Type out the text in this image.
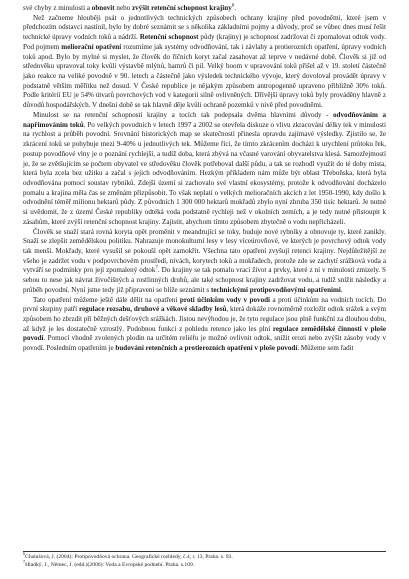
své chyby z minulosti a obnovit nebo zvýšit retenční schopnost krajiny$^6$.

Než začneme hlouběji psát o jednotlivých technických způsobech ochrany krajiny před povodněmi, které jsem v předchozím odstavci nastínil, bylo by dobré seznámit se s několika základními pojmy a důvody, proč se vůbec dnes musí řešit technické úpravy vodních toků a nádrží. Retenční schopnost půdy (krajiny) je schopnost zadržovat či zpomalovat odtok vody. Pod pojmem meliorační opatření rozumíme jak systémy odvodňování, tak i závlahy a protierozních opatření, úpravy vodních toků apod. Bylo by mylné si myslet, že člověk do říčních koryt začal zasahovat až teprve v nedávné době. Člověk si již od středověku upravoval toky kvůli výstavbě mlýnů, hamrů či pil. Velký boom v upravování toků přišel až v 19. století částečně jako reakce na veliké povodně v 90. letech a částečně jako výsledek technického vývoje, který dovoloval provádět úpravy v podstatně větším měřítku než dosud. V České republice je nějakým způsobem antropogenně upraveno přibližně 30% toků. Podle kritérií EU je 54% útvarů povrchových vod v kategorii silně ovlivněných. Dřívější úpravy toků byly prováděny hlavně z důvodů hospodářských. V dnešní době se tak hlavně děje kvůli ochraně pozemků v nivě před povodněmi.

Minulost se na retenční schopnosti krajiny a tocích tak podepsala dvěma hlavními důvody - odvodňováním a napřimováním toků. Po velkých povodních v letech 1997 a 2002 se otevřela diskuze o vlivu zkracování délky tek v minulosti na rychlost a průběh povodní. Srovnání historických map se skutečností přinesla opravdu zajímavé výsledky. Zjistilo se, že zkrácení toků se pohybuje mezi 9-40% u jednotlivých tek. Můžeme říci, že tímto zkrácením docházi k urychlení průtoku řek, postup povodňové vlny je o poznání rychlejší, a tudíž doba, která zbývá na včasné varování obyvatelstva klesá. Samozřejmostí je, že se zvětšujícím se počtem obyvatel ve středověku člověk potřeboval další půdu, a tak se rozhodl využít do té doby místa, která byla zcela bez užitku a začal s jejich odvodňováním. Hezkým příkladem nám může být oblast Třeboňska, která byla odvodňována pomocí soustav rybníků. Zdejší území si zachovalo své vlastní ekosystémy, protože k odvodňování docházelo pomalu a krajina měla čas se změnám přizpůsobit. To však neplatí o velkých melioračních akcích z let 1950-1990, kdy došlo k odvodnění téměř milionu hektarů půdy. Z původních 1 300 000 hektarů mokřadů zbylo nyní zhruba 350 tisíc hektarů. Je nutné si uvědomit, že z území České republiky odtéká voda podstatně rychleji než v okolních zemích, a je tedy nutné přistoupit k zásahům, které zvýší retenční schopnost krajiny. Zajistit, abychom tímto způsobem zbytečně o vodu nepřicházeli.

Člověk se snaží stará rovná koryta opět proměnit v meandrující se toky, buduje nové rybníky a obnovuje ty, které zanikly. Snaží se zlepšit zemědělskou politiku. Nahrazuje monokulturní lesy v lesy víceúrovňové, ve kterých je povrchový odtok vody tak menší. Mokřady, které vysušil se pokouší opět zamokřit. Všechna tato opatření zvyšují retenci krajiny. Nejdůležitější ze všeho je zadržet vodu v podpovrchovém prostředí, nivách, korytech toků a mokřadech, protože zde se zachytí srážková voda a vytváří se podmínky pro její zpomalený odtok$^7$. Do krajiny se tak pomalu vrací život a prvky, které z ní v minulosti zmizely. S sebou to nese jak návrat živočišných a rostlinných druhů, ale také schopnost krajiny zadržovat vodu, a tudíž snížit následky a průběh povodní. Nyní jsme tedy již připraveni se blíže seznámit s technickými protipovodňovými opatřeními.

Tato opatření můžeme ještě dále dělit na opatření proti účinkům vody v povodí a proti účinkům na vodních tocích. Do první skupiny patří regulace rozsahu, druhové a věkové skladby lesů, která dokáže rovnoměrně rozložit odtok srážek a svým způsobem ho zbrzdit při běžných dešťových srážkách. Jistou nevýhodou je, že tyto regulace jsou plně funkční za dlouhou dobu, až když je les dostatečně vzrostlý. Podobnou funkci z pohledu retence jako les plní regulace zemědělské činnosti v ploše povodí. Pomocí vhodně zvolených plodin na určitém reliéfu je možné ovlivnit odtok, snížit erozi nebo zvýšit zásoby vody v povodí. Posledním opatřením je budování retenčních a protierozních opatření v ploše povodí. Můžeme sem řadit

$^6$Chalušová, J. (2004): Protipovodňová ochrana. Geografické rozhledy, č.4, r. 13, Praha. s. 93.
$^7$Hladký, J., Němec, J. (edd.)(2006): Voda a Evropské podnebí. Praha. s.109.
